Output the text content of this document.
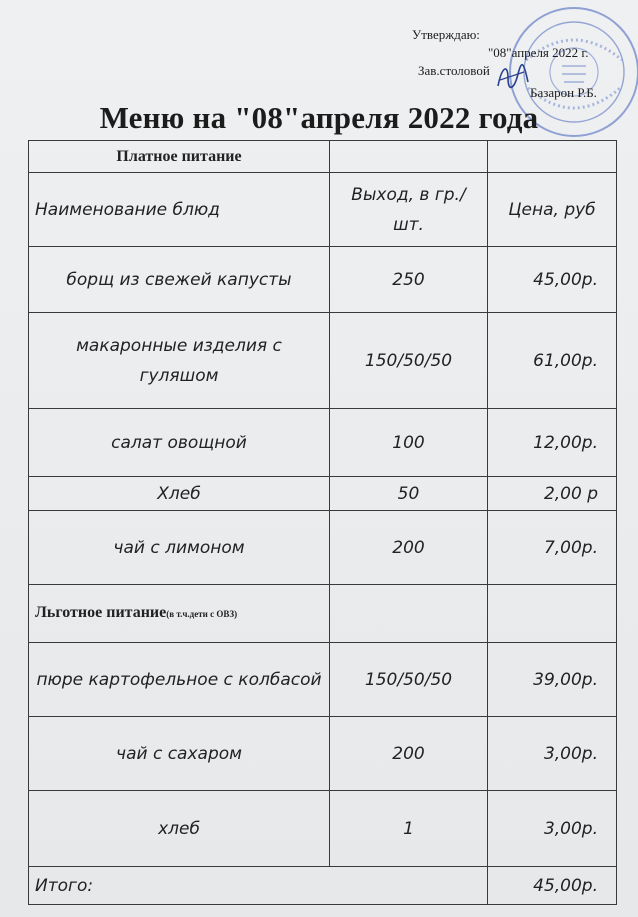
Утверждаю:
"08"апреля 2022 г.
Зав.столовой
Базарон Р.Б.
Меню на "08"апреля 2022 года
Платное питание		

Наименование блюд	Выход, в гр./шт.	Цена, руб
борщ из свежей капусты	250	45,00р.
макаронные изделия с гуляшом	150/50/50	61,00р.
салат овощной	100	12,00р.
Хлеб	50	2,00 р
чай с лимоном	200	7,00р.
Льготное питание(в т.ч.дети с ОВЗ)		
пюре картофельное с колбасой	150/50/50	39,00р.
чай с сахаром	200	3,00р.
хлеб	1	3,00р.
Итого:		45,00р.
